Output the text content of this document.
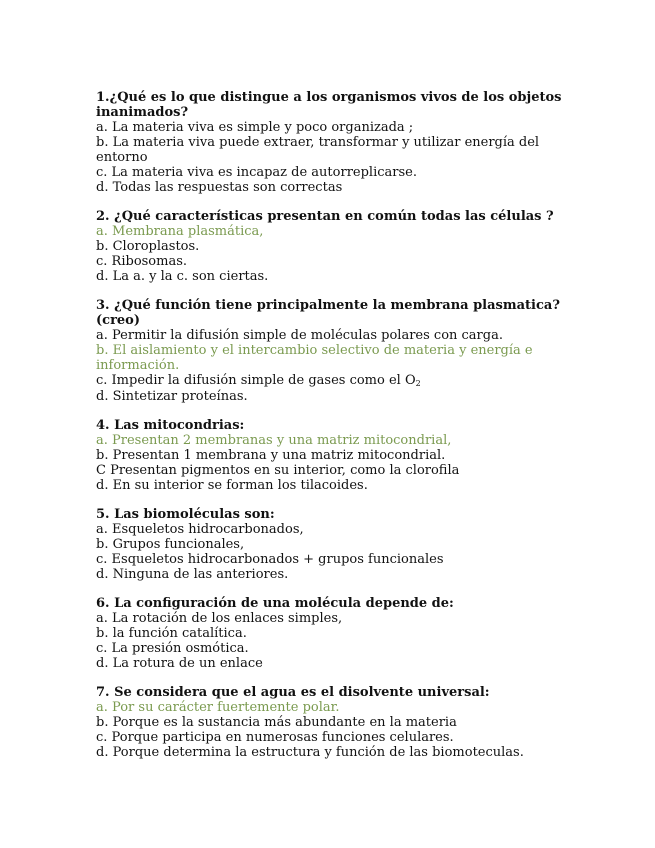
1.¿Qué es lo que distingue a los organismos vivos de los objetos inanimados?
a. La materia viva es simple y poco organizada ;
b. La materia viva puede extraer, transformar y utilizar energía del entorno
c. La materia viva es incapaz de autorreplicarse.
d. Todas las respuestas son correctas
2. ¿Qué características presentan en común todas las células ?
a. Membrana plasmática,
b. Cloroplastos.
c. Ribosomas.
d. La a. y la c. son ciertas.
3. ¿Qué función tiene principalmente la membrana plasmatica? (creo)
a. Permitir la difusión simple de moléculas polares con carga.
b. El aislamiento y el intercambio selectivo de materia y energía e información.
c. Impedir la difusión simple de gases como el $O_2$
d. Sintetizar proteínas.
4. Las mitocondrias:
a. Presentan 2 membranas y una matriz mitocondrial,
b. Presentan 1 membrana y una matriz mitocondrial.
C Presentan pigmentos en su interior, como la clorofila
d. En su interior se forman los tilacoides.
5. Las biomoléculas son:
a. Esqueletos hidrocarbonados,
b. Grupos funcionales,
c. Esqueletos hidrocarbonados + grupos funcionales
d. Ninguna de las anteriores.
6. La configuración de una molécula depende de:
a. La rotación de los enlaces simples,
b. la función catalítica.
c. La presión osmótica.
d. La rotura de un enlace
7. Se considera que el agua es el disolvente universal:
a. Por su carácter fuertemente polar.
b. Porque es la sustancia más abundante en la materia
c. Porque participa en numerosas funciones celulares.
d. Porque determina la estructura y función de las biomoteculas.
